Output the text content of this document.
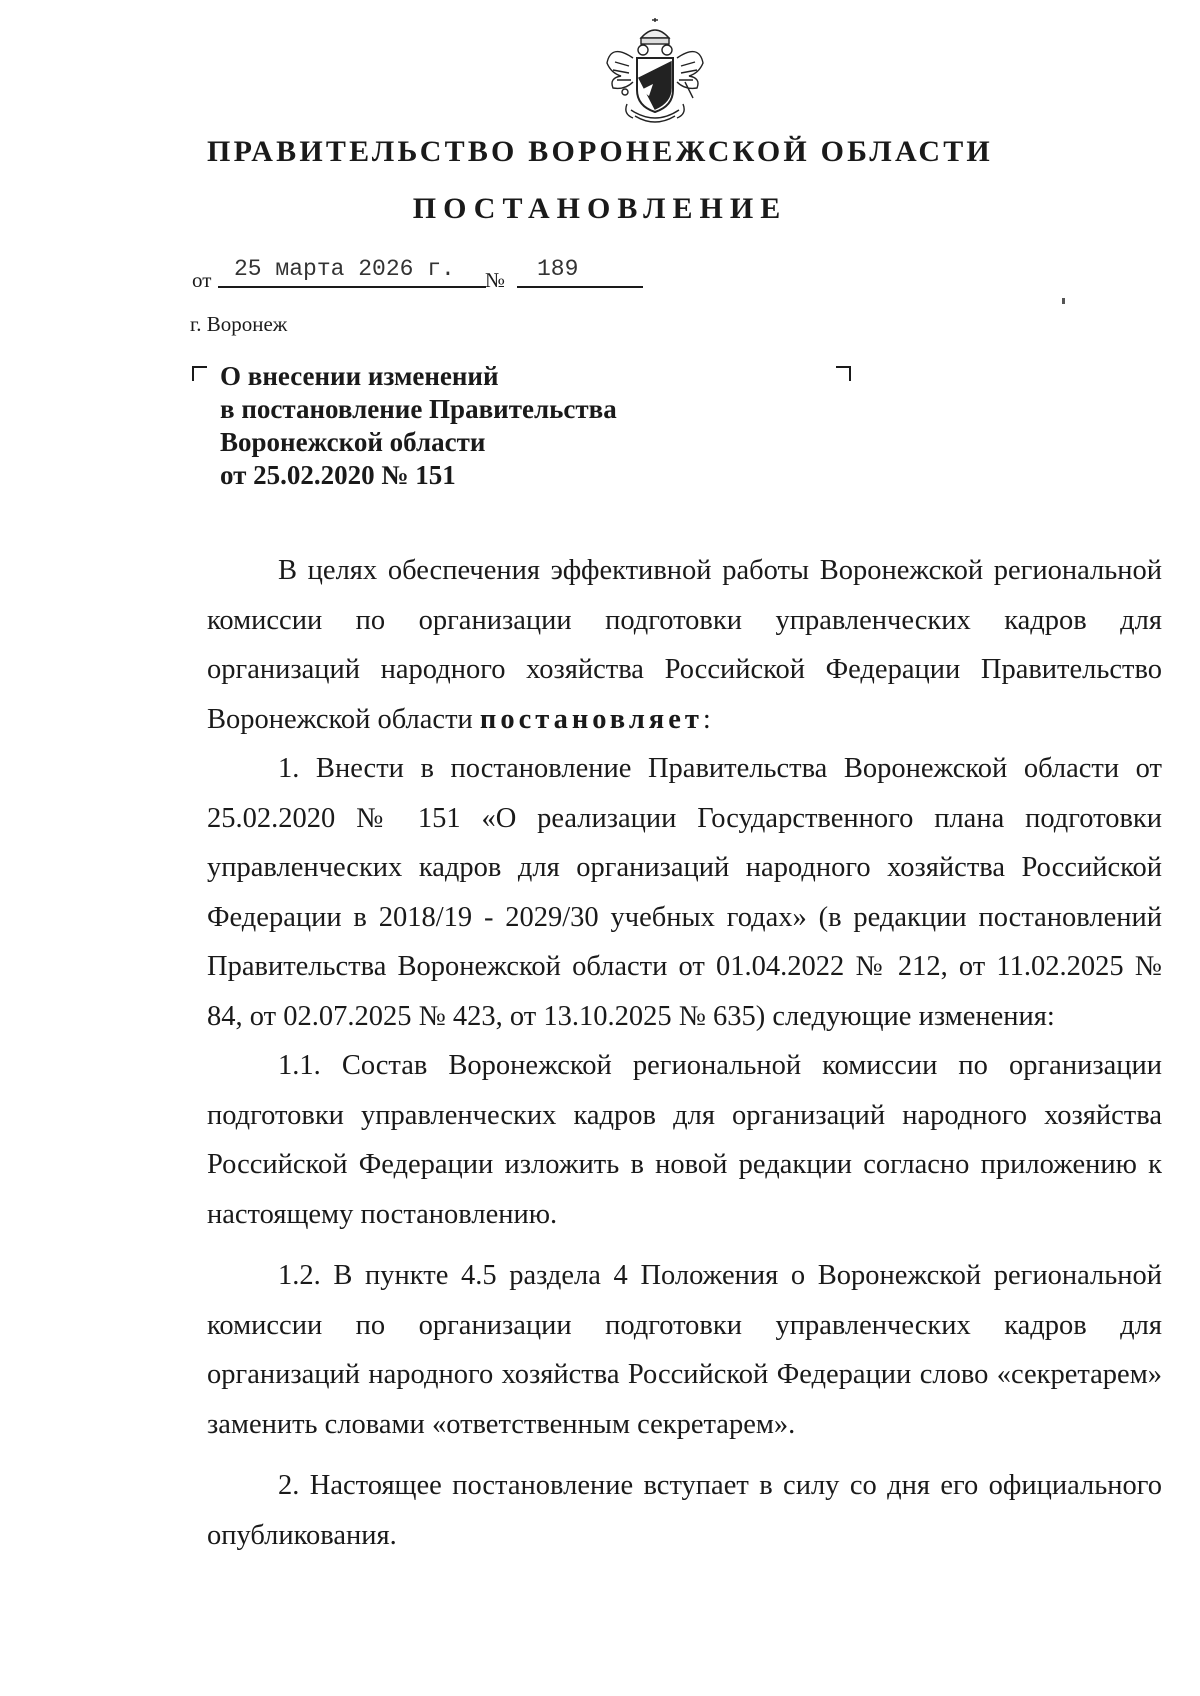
ПРАВИТЕЛЬСТВО ВОРОНЕЖСКОЙ ОБЛАСТИ
ПОСТАНОВЛЕНИЕ
от 25 марта 2026 г.	№ 189
г. Воронеж
О внесении изменений
в постановление Правительства
Воронежской области
от 25.02.2020 № 151

В целях обеспечения эффективной работы Воронежской региональной комиссии по организации подготовки управленческих кадров для организаций народного хозяйства Российской Федерации Правительство Воронежской области постановляет:

1. Внести в постановление Правительства Воронежской области от 25.02.2020 № 151 «О реализации Государственного плана подготовки управленческих кадров для организаций народного хозяйства Российской Федерации в 2018/19 - 2029/30 учебных годах» (в редакции постановлений Правительства Воронежской области от 01.04.2022 № 212, от 11.02.2025 № 84, от 02.07.2025 № 423, от 13.10.2025 № 635) следующие изменения:

1.1. Состав Воронежской региональной комиссии по организации подготовки управленческих кадров для организаций народного хозяйства Российской Федерации изложить в новой редакции согласно приложению к настоящему постановлению.

1.2. В пункте 4.5 раздела 4 Положения о Воронежской региональной комиссии по организации подготовки управленческих кадров для организаций народного хозяйства Российской Федерации слово «секретарем» заменить словами «ответственным секретарем».

2. Настоящее постановление вступает в силу со дня его официального опубликования.
